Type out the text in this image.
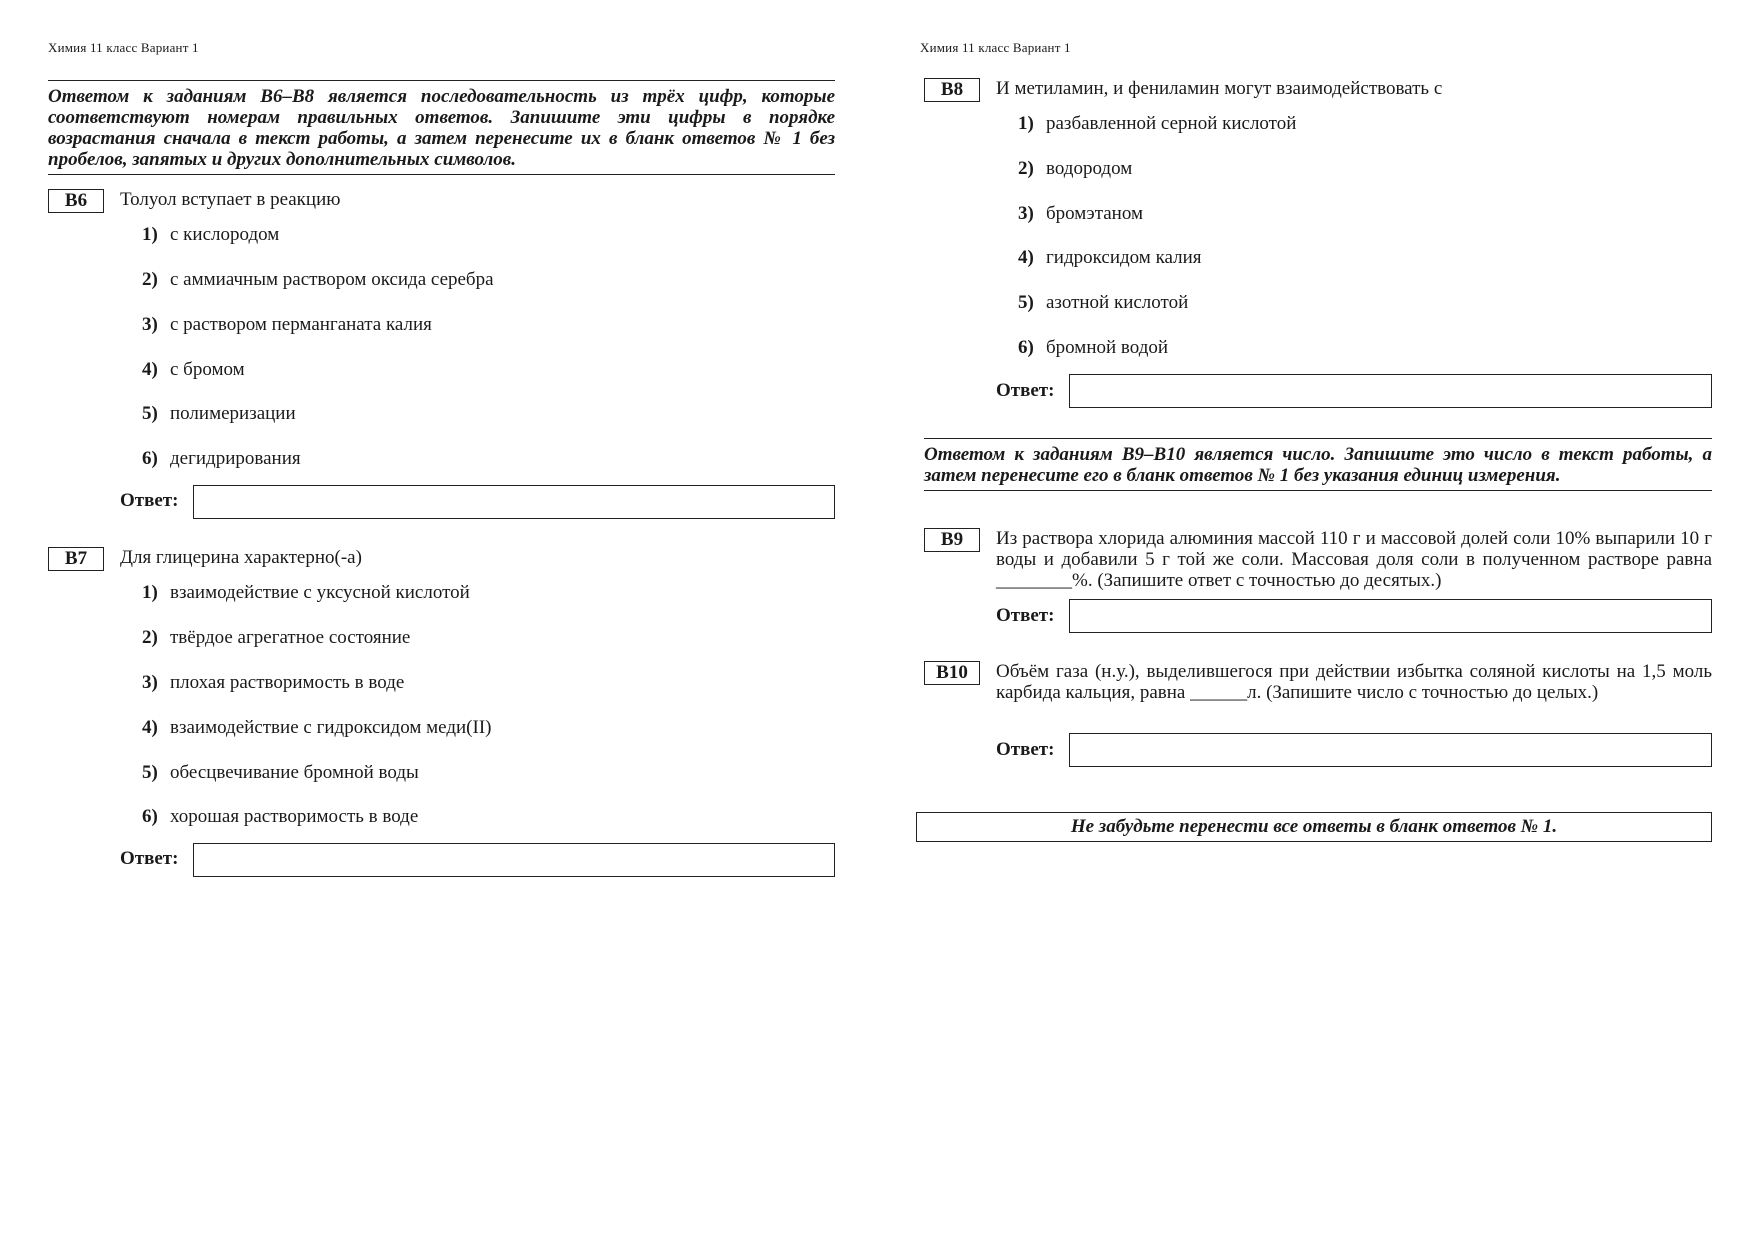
Химия 11 класс Вариант 1
Ответом к заданиям В6–В8 является последовательность из трёх цифр, которые соответствуют номерам правильных ответов. Запишите эти цифры в порядке возрастания сначала в текст работы, а затем перенесите их в бланк ответов № 1 без пробелов, запятых и других дополнительных символов.
В6	Толуол вступает в реакцию
1) с кислородом
2) с аммиачным раствором оксида серебра
3) с раствором перманганата калия
4) с бромом
5) полимеризации
6) дегидрирования
Ответ:
В7	Для глицерина характерно(-а)
1) взаимодействие с уксусной кислотой
2) твёрдое агрегатное состояние
3) плохая растворимость в воде
4) взаимодействие с гидроксидом меди(II)
5) обесцвечивание бромной воды
6) хорошая растворимость в воде
Ответ:
Химия 11 класс Вариант 1
В8	И метиламин, и фениламин могут взаимодействовать с
1) разбавленной серной кислотой
2) водородом
3) бромэтаном
4) гидроксидом калия
5) азотной кислотой
6) бромной водой
Ответ:
Ответом к заданиям В9–В10 является число. Запишите это число в текст работы, а затем перенесите его в бланк ответов № 1 без указания единиц измерения.
В9	Из раствора хлорида алюминия массой 110 г и массовой долей соли 10% выпарили 10 г воды и добавили 5 г той же соли. Массовая доля соли в полученном растворе равна ________%. (Запишите ответ с точностью до десятых.)
Ответ:
В10	Объём газа (н.у.), выделившегося при действии избытка соляной кислоты на 1,5 моль карбида кальция, равна ______л. (Запишите число с точностью до целых.)
Ответ:
Не забудьте перенести все ответы в бланк ответов № 1.
